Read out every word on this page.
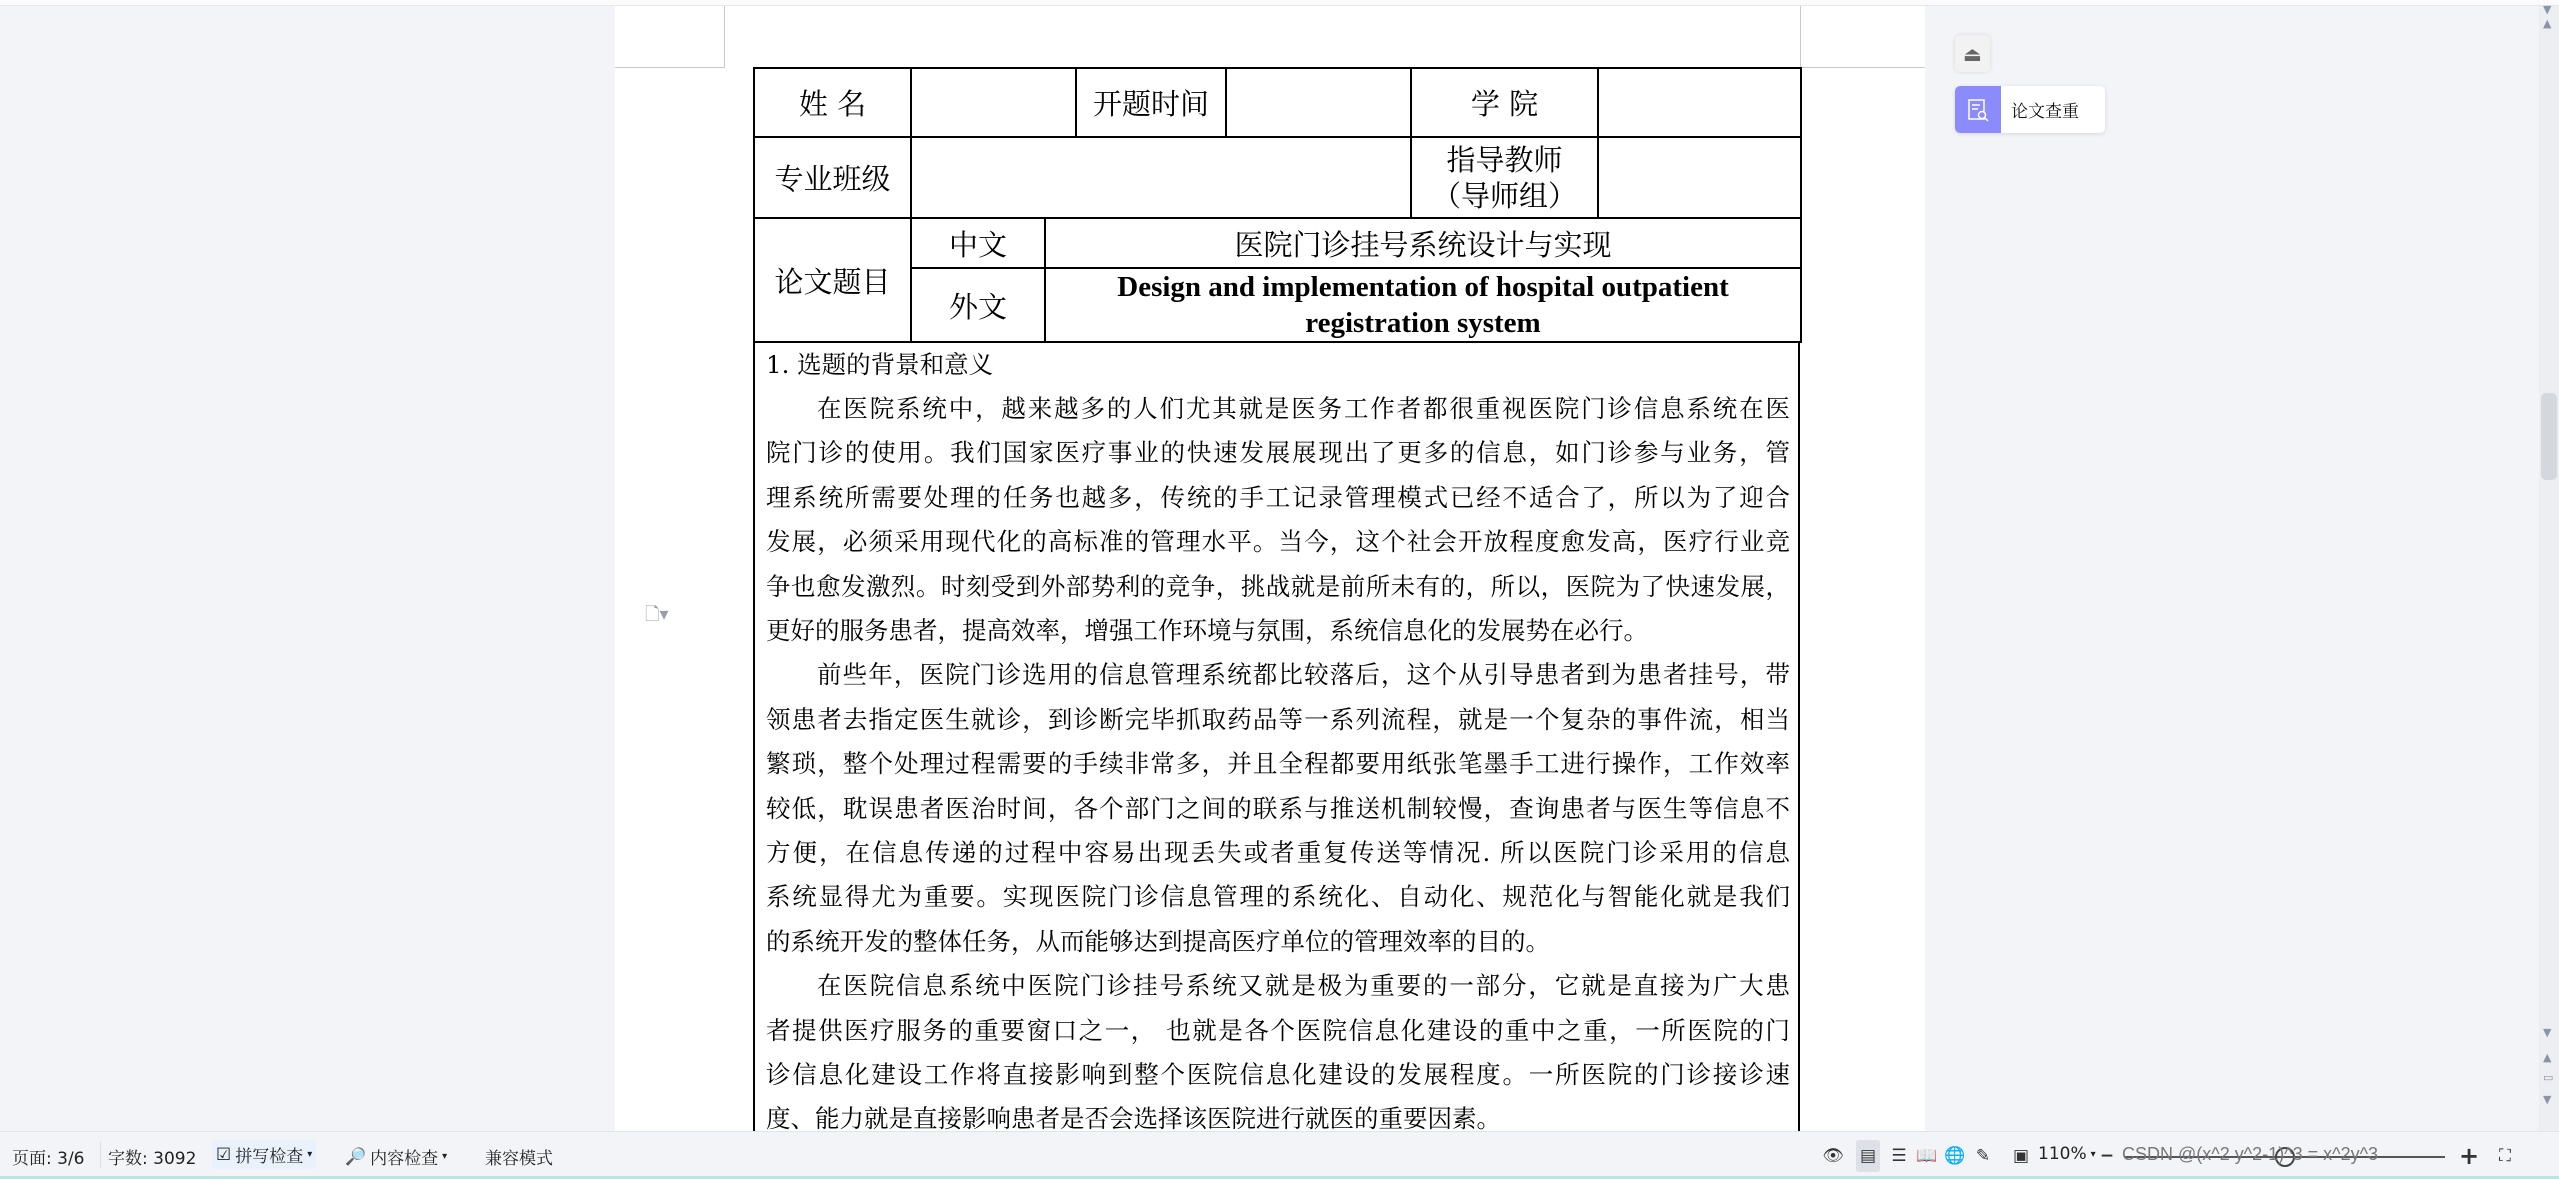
姓 名			开题时间		学 院	
专业班级					指导教师
（导师组）	

论文题目	中文	医院门诊挂号系统设计与实现				
	外文	Design and implementation of hospital outpatient registration system				
1. 选题的背景和意义
在医院系统中，越来越多的人们尤其就是医务工作者都很重视医院门诊信息系统在医
院门诊的使用。我们国家医疗事业的快速发展展现出了更多的信息，如门诊参与业务，管
理系统所需要处理的任务也越多，传统的手工记录管理模式已经不适合了，所以为了迎合
发展，必须采用现代化的高标准的管理水平。当今，这个社会开放程度愈发高，医疗行业竞
争也愈发激烈。时刻受到外部势利的竞争，挑战就是前所未有的，所以，医院为了快速发展，
更好的服务患者，提高效率，增强工作环境与氛围，系统信息化的发展势在必行。
前些年，医院门诊选用的信息管理系统都比较落后，这个从引导患者到为患者挂号，带
领患者去指定医生就诊，到诊断完毕抓取药品等一系列流程，就是一个复杂的事件流，相当
繁琐，整个处理过程需要的手续非常多，并且全程都要用纸张笔墨手工进行操作，工作效率
较低，耽误患者医治时间，各个部门之间的联系与推送机制较慢，查询患者与医生等信息不
方便，在信息传递的过程中容易出现丢失或者重复传送等情况. 所以医院门诊采用的信息
系统显得尤为重要。实现医院门诊信息管理的系统化、自动化、规范化与智能化就是我们
的系统开发的整体任务，从而能够达到提高医疗单位的管理效率的目的。
在医院信息系统中医院门诊挂号系统又就是极为重要的一部分，它就是直接为广大患
者提供医疗服务的重要窗口之一， 也就是各个医院信息化建设的重中之重，一所医院的门
诊信息化建设工作将直接影响到整个医院信息化建设的发展程度。一所医院的门诊接诊速
度、能力就是直接影响患者是否会选择该医院进行就医的重要因素。
🗋▾
⏏
论文查重
▼
▲
▼
▲
▭
▼
页面: 3/6 字数: 3092 ☑ 拼写检查 ▾ 🔎 内容检查 ▾ 兼容模式	👁 ▤ ☰ 📖 🌐 ✎	▣ 110% ▾ −	+	⛶
CSDN @(x^2 y^2-1)^3 = x^2y^3
